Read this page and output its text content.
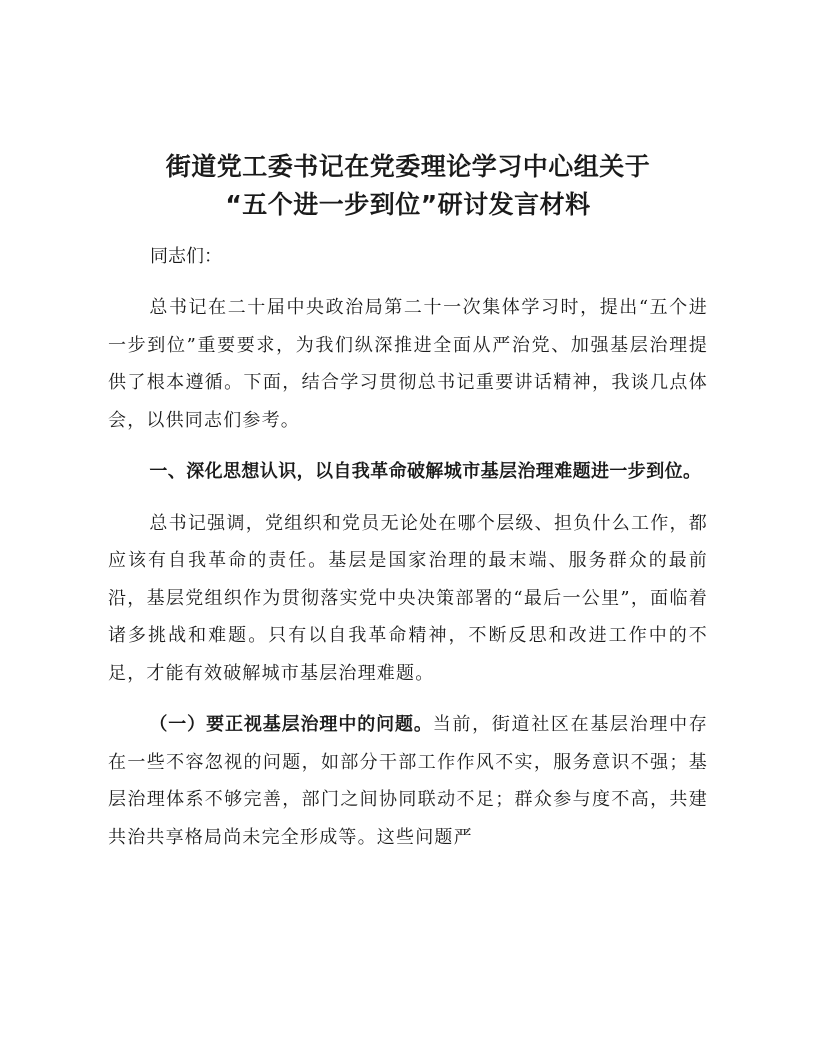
街道党工委书记在党委理论学习中心组关于
“五个进一步到位”研讨发言材料

同志们：

总书记在二十届中央政治局第二十一次集体学习时，提出“五个进一步到位”重要要求，为我们纵深推进全面从严治党、加强基层治理提供了根本遵循。下面，结合学习贯彻总书记重要讲话精神，我谈几点体会，以供同志们参考。

一、深化思想认识，以自我革命破解城市基层治理难题进一步到位。

总书记强调，党组织和党员无论处在哪个层级、担负什么工作，都应该有自我革命的责任。基层是国家治理的最末端、服务群众的最前沿，基层党组织作为贯彻落实党中央决策部署的“最后一公里”，面临着诸多挑战和难题。只有以自我革命精神，不断反思和改进工作中的不足，才能有效破解城市基层治理难题。

（一）要正视基层治理中的问题。当前，街道社区在基层治理中存在一些不容忽视的问题，如部分干部工作作风不实，服务意识不强；基层治理体系不够完善，部门之间协同联动不足；群众参与度不高，共建共治共享格局尚未完全形成等。这些问题严
